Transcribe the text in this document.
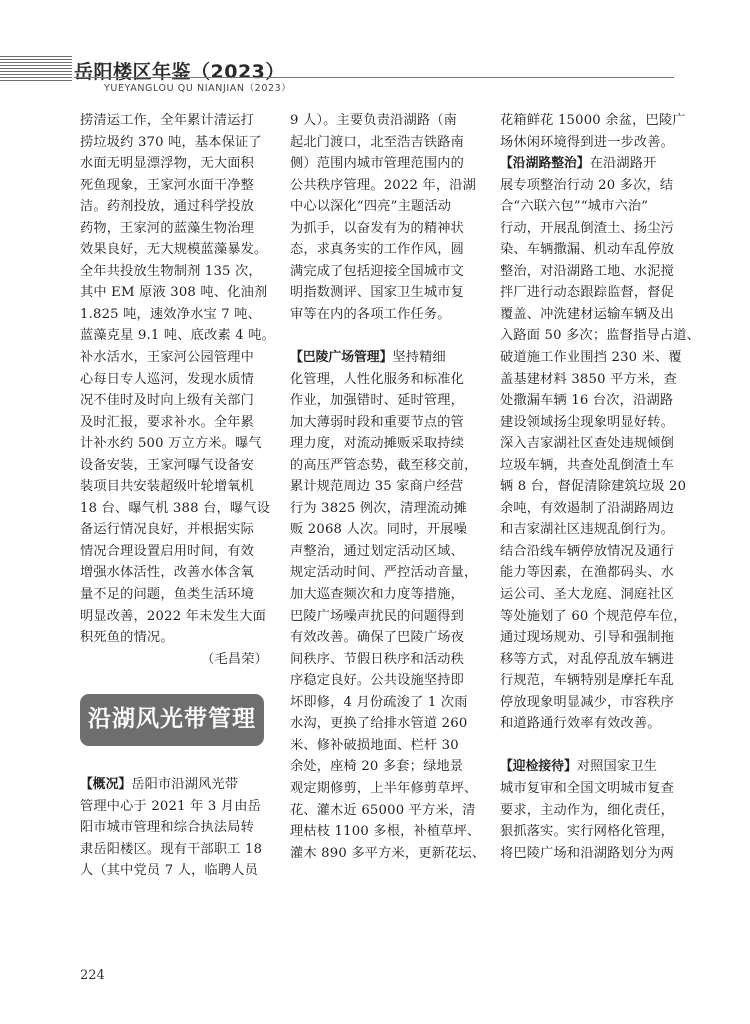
岳阳楼区年鉴（2023）
YUEYANGLOU QU NIANJIAN（2023）

捞清运工作，全年累计清运打

捞垃圾约 370 吨，基本保证了

水面无明显漂浮物，无大面积

死鱼现象，王家河水面干净整

洁。药剂投放，通过科学投放

药物，王家河的蓝藻生物治理

效果良好，无大规模蓝藻暴发。

全年共投放生物制剂 135 次，

其中 EM 原液 308 吨、化油剂

1.825 吨，速效净水宝 7 吨、

蓝藻克星 9.1 吨、底改素 4 吨。

补水活水，王家河公园管理中

心每日专人巡河，发现水质情

况不佳时及时向上级有关部门

及时汇报，要求补水。全年累

计补水约 500 万立方米。曝气

设备安装，王家河曝气设备安

装项目共安装超级叶轮增氧机

18 台、曝气机 388 台，曝气设

备运行情况良好，并根据实际

情况合理设置启用时间，有效

增强水体活性，改善水体含氧

量不足的问题，鱼类生活环境

明显改善，2022 年未发生大面

积死鱼的情况。

（毛昌荣）

沿湖风光带管理

【概况】岳阳市沿湖风光带

管理中心于 2021 年 3 月由岳

阳市城市管理和综合执法局转

隶岳阳楼区。现有干部职工 18

人（其中党员 7 人，临聘人员

9 人）。主要负责沿湖路（南

起北门渡口，北至浩吉铁路南

侧）范围内城市管理范围内的

公共秩序管理。2022 年，沿湖

中心以深化“四亮”主题活动

为抓手，以奋发有为的精神状

态，求真务实的工作作风，圆

满完成了包括迎接全国城市文

明指数测评、国家卫生城市复

审等在内的各项工作任务。

【巴陵广场管理】坚持精细

化管理，人性化服务和标准化

作业，加强错时、延时管理，

加大薄弱时段和重要节点的管

理力度，对流动摊贩采取持续

的高压严管态势，截至移交前，

累计规范周边 35 家商户经营

行为 3825 例次，清理流动摊

贩 2068 人次。同时，开展噪

声整治，通过划定活动区域、

规定活动时间、严控活动音量，

加大巡查频次和力度等措施，

巴陵广场噪声扰民的问题得到

有效改善。确保了巴陵广场夜

间秩序、节假日秩序和活动秩

序稳定良好。公共设施坚持即

坏即修，4 月份疏浚了 1 次雨

水沟，更换了给排水管道 260

米、修补破损地面、栏杆 30

余处，座椅 20 多套；绿地景

观定期修剪，上半年修剪草坪、

花、灌木近 65000 平方米，清

理枯枝 1100 多根，补植草坪、

灌木 890 多平方米，更新花坛、

花箱鲜花 15000 余盆，巴陵广

场休闲环境得到进一步改善。

【沿湖路整治】在沿湖路开

展专项整治行动 20 多次，结

合“六联六包”“城市六治”

行动，开展乱倒渣土、扬尘污

染、车辆撒漏、机动车乱停放

整治，对沿湖路工地、水泥搅

拌厂进行动态跟踪监督，督促

覆盖、冲洗建材运输车辆及出

入路面 50 多次；监督指导占道、

破道施工作业围挡 230 米、覆

盖基建材料 3850 平方米，查

处撒漏车辆 16 台次，沿湖路

建设领域扬尘现象明显好转。

深入吉家湖社区查处违规倾倒

垃圾车辆，共查处乱倒渣土车

辆 8 台，督促清除建筑垃圾 20

余吨，有效遏制了沿湖路周边

和吉家湖社区违规乱倒行为。

结合沿线车辆停放情况及通行

能力等因素，在渔都码头、水

运公司、圣大龙庭、洞庭社区

等处施划了 60 个规范停车位，

通过现场规劝、引导和强制拖

移等方式，对乱停乱放车辆进

行规范，车辆特别是摩托车乱

停放现象明显减少，市容秩序

和道路通行效率有效改善。

【迎检接待】对照国家卫生

城市复审和全国文明城市复查

要求，主动作为，细化责任，

狠抓落实。实行网格化管理，

将巴陵广场和沿湖路划分为两

224
